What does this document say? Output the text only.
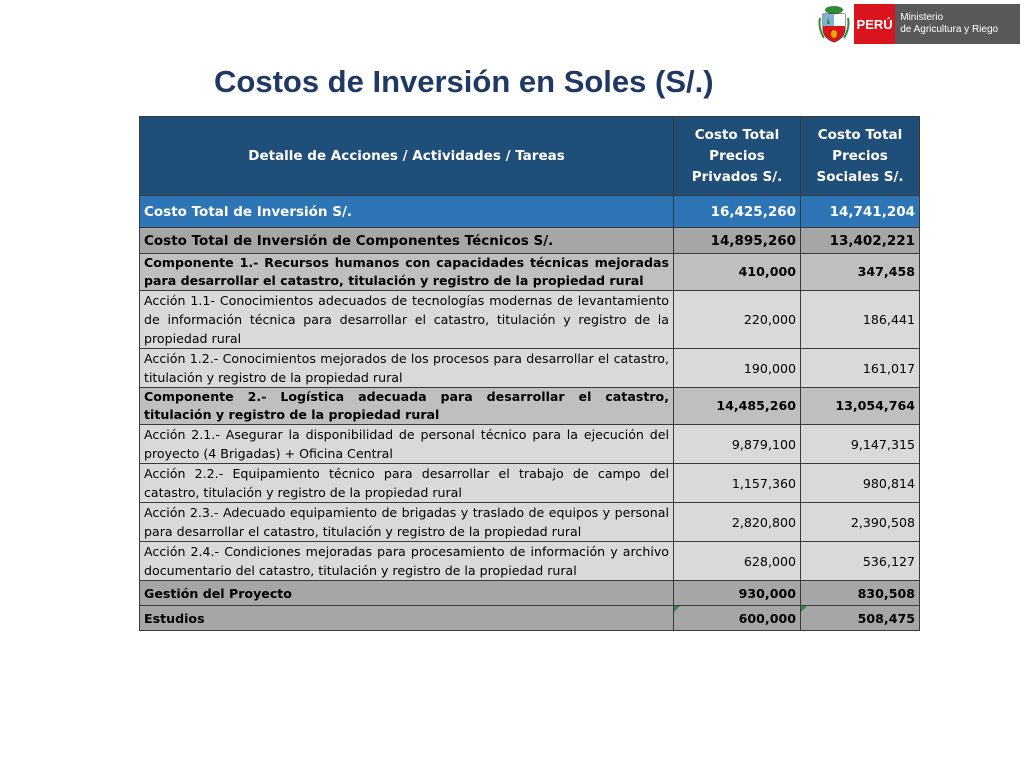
PERÚ Ministerio
de Agricultura y Riego
Costos de Inversión en Soles (S/.)
Detalle de Acciones / Actividades / Tareas	Costo Total Precios Privados S/.	Costo Total Precios Sociales S/.

Costo Total de Inversión S/.	16,425,260	14,741,204
Costo Total de Inversión de Componentes Técnicos S/.	14,895,260	13,402,221
Componente 1.- Recursos humanos con capacidades técnicas mejoradas para desarrollar el catastro, titulación y registro de la propiedad rural	410,000	347,458
Acción 1.1- Conocimientos adecuados de tecnologías modernas de levantamiento de información técnica para desarrollar el catastro, titulación y registro de la propiedad rural	220,000	186,441
Acción 1.2.- Conocimientos mejorados de los procesos para desarrollar el catastro, titulación y registro de la propiedad rural	190,000	161,017
Componente 2.- Logística adecuada para desarrollar el catastro, titulación y registro de la propiedad rural	14,485,260	13,054,764
Acción 2.1.- Asegurar la disponibilidad de personal técnico para la ejecución del proyecto (4 Brigadas) + Oficina Central	9,879,100	9,147,315
Acción 2.2.- Equipamiento técnico para desarrollar el trabajo de campo del catastro, titulación y registro de la propiedad rural	1,157,360	980,814
Acción 2.3.- Adecuado equipamiento de brigadas y traslado de equipos y personal para desarrollar el catastro, titulación y registro de la propiedad rural	2,820,800	2,390,508
Acción 2.4.- Condiciones mejoradas para procesamiento de información y archivo documentario del catastro, titulación y registro de la propiedad rural	628,000	536,127
Gestión del Proyecto	930,000	830,508
Estudios	600,000	508,475
